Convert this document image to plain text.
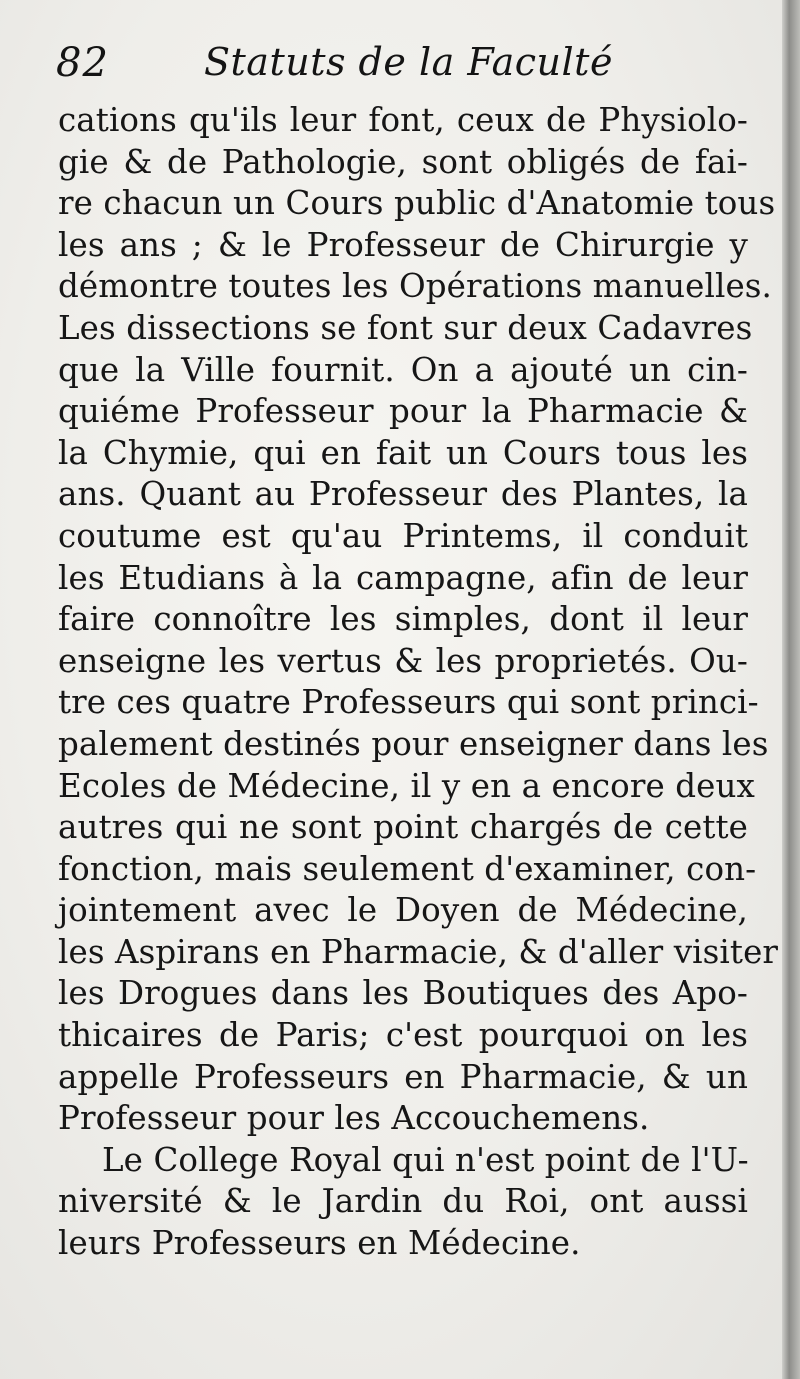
82	Statuts de la Faculté
cations qu'ils leur font, ceux de Physiolo-
gie & de Pathologie, sont obligés de fai-
re chacun un Cours public d'Anatomie tous
les ans ; & le Professeur de Chirurgie y
démontre toutes les Opérations manuelles.
Les dissections se font sur deux Cadavres
que la Ville fournit. On a ajouté un cin-
quiéme Professeur pour la Pharmacie &
la Chymie, qui en fait un Cours tous les
ans. Quant au Professeur des Plantes, la
coutume est qu'au Printems, il conduit
les Etudians à la campagne, afin de leur
faire connoître les simples, dont il leur
enseigne les vertus & les proprietés. Ou-
tre ces quatre Professeurs qui sont princi-
palement destinés pour enseigner dans les
Ecoles de Médecine, il y en a encore deux
autres qui ne sont point chargés de cette
fonction, mais seulement d'examiner, con-
jointement avec le Doyen de Médecine,
les Aspirans en Pharmacie, & d'aller visiter
les Drogues dans les Boutiques des Apo-
thicaires de Paris; c'est pourquoi on les
appelle Professeurs en Pharmacie, & un
Professeur pour les Accouchemens.
Le College Royal qui n'est point de l'U-
niversité & le Jardin du Roi, ont aussi
leurs Professeurs en Médecine.
